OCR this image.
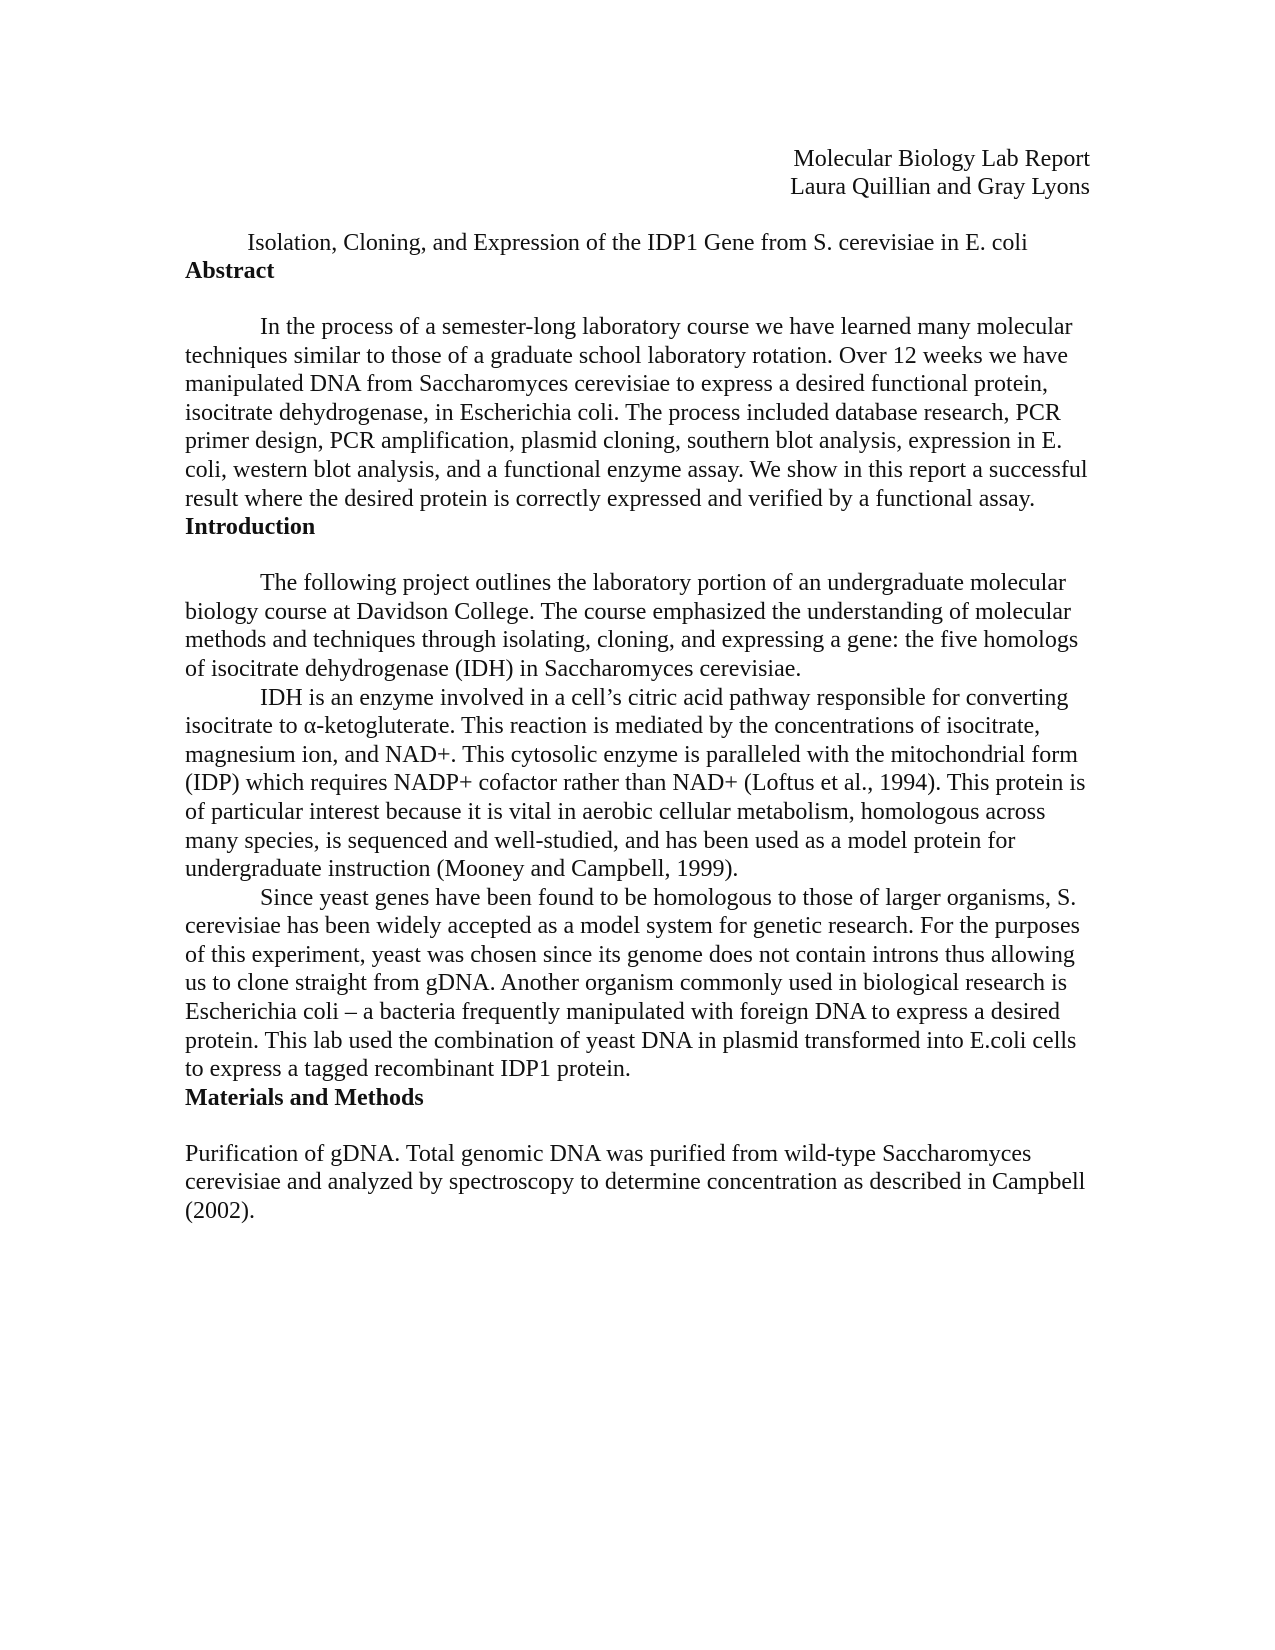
Molecular Biology Lab Report
Laura Quillian and Gray Lyons
Isolation, Cloning, and Expression of the IDP1 Gene from S. cerevisiae in E. coli
Abstract

In the process of a semester-long laboratory course we have learned many molecular techniques similar to those of a graduate school laboratory rotation. Over 12 weeks we have manipulated DNA from Saccharomyces cerevisiae to express a desired functional protein, isocitrate dehydrogenase, in Escherichia coli. The process included database research, PCR primer design, PCR amplification, plasmid cloning, southern blot analysis, expression in E. coli, western blot analysis, and a functional enzyme assay. We show in this report a successful result where the desired protein is correctly expressed and verified by a functional assay.

Introduction

The following project outlines the laboratory portion of an undergraduate molecular biology course at Davidson College. The course emphasized the understanding of molecular methods and techniques through isolating, cloning, and expressing a gene: the five homologs of isocitrate dehydrogenase (IDH) in Saccharomyces cerevisiae.

IDH is an enzyme involved in a cell’s citric acid pathway responsible for converting isocitrate to α-ketogluterate. This reaction is mediated by the concentrations of isocitrate, magnesium ion, and NAD+. This cytosolic enzyme is paralleled with the mitochondrial form (IDP) which requires NADP+ cofactor rather than NAD+ (Loftus et al., 1994). This protein is of particular interest because it is vital in aerobic cellular metabolism, homologous across many species, is sequenced and well-studied, and has been used as a model protein for undergraduate instruction (Mooney and Campbell, 1999).

Since yeast genes have been found to be homologous to those of larger organisms, S. cerevisiae has been widely accepted as a model system for genetic research. For the purposes of this experiment, yeast was chosen since its genome does not contain introns thus allowing us to clone straight from gDNA. Another organism commonly used in biological research is Escherichia coli – a bacteria frequently manipulated with foreign DNA to express a desired protein. This lab used the combination of yeast DNA in plasmid transformed into E.coli cells to express a tagged recombinant IDP1 protein.

Materials and Methods

Purification of gDNA. Total genomic DNA was purified from wild-type Saccharomyces cerevisiae and analyzed by spectroscopy to determine concentration as described in Campbell (2002).
